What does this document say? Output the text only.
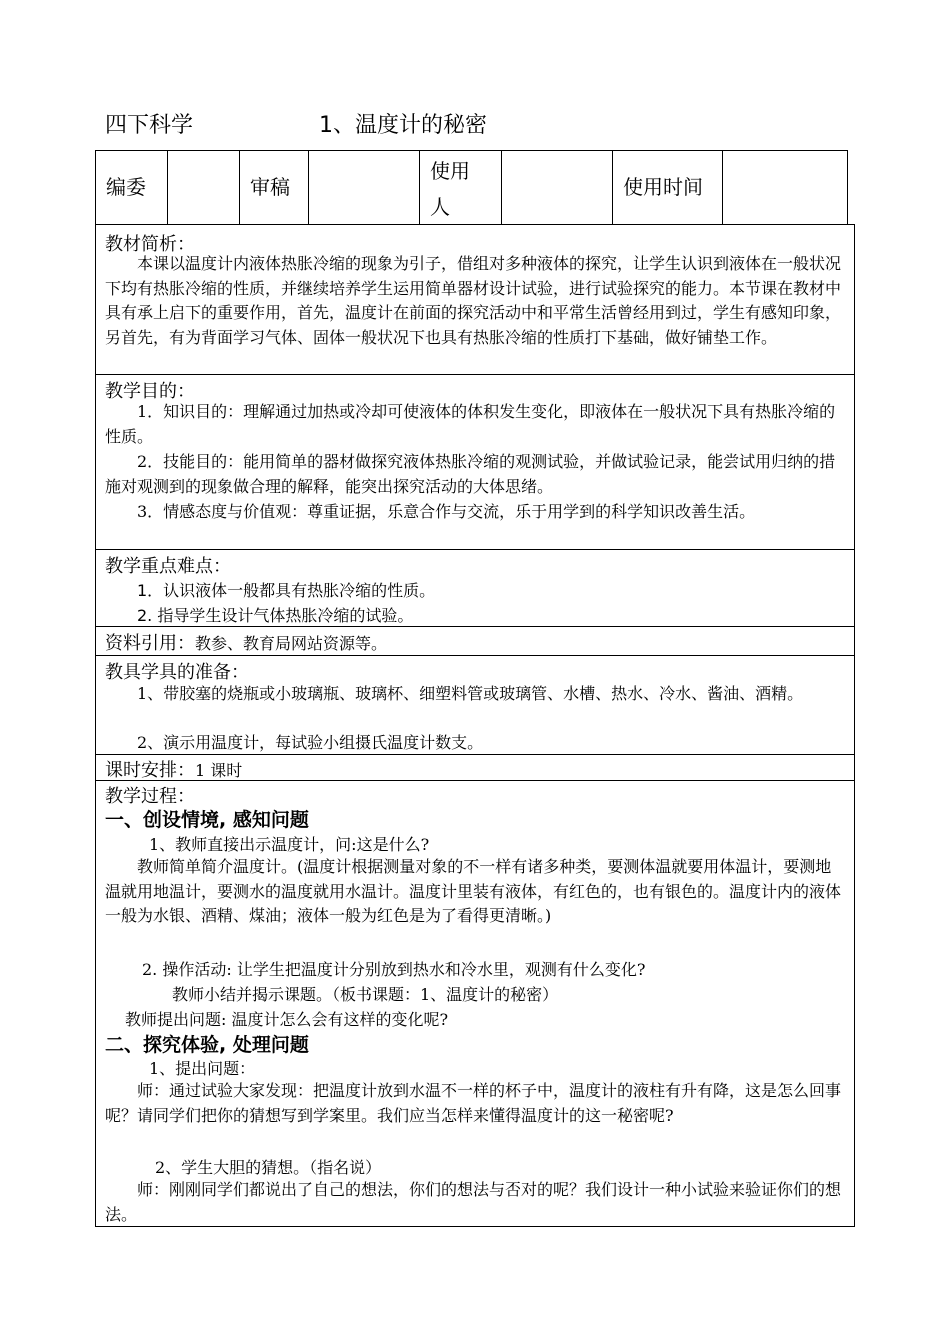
四下科学	1、温度计的秘密
编委	审稿
使用
人
使用时间
教材简析：
本课以温度计内液体热胀冷缩的现象为引子，借组对多种液体的探究，让学生认识到液体在一般状况下均有热胀冷缩的性质，并继续培养学生运用简单器材设计试验，进行试验探究的能力。本节课在教材中具有承上启下的重要作用，首先，温度计在前面的探究活动中和平常生活曾经用到过，学生有感知印象，另首先，有为背面学习气体、固体一般状况下也具有热胀冷缩的性质打下基础，做好铺垫工作。
教学目的：
1．知识目的：理解通过加热或冷却可使液体的体积发生变化，即液体在一般状况下具有热胀冷缩的性质。
2．技能目的：能用简单的器材做探究液体热胀冷缩的观测试验，并做试验记录，能尝试用归纳的措施对观测到的现象做合理的解释，能突出探究活动的大体思绪。
3．情感态度与价值观：尊重证据，乐意合作与交流，乐于用学到的科学知识改善生活。
教学重点难点：
1．认识液体一般都具有热胀冷缩的性质。
2. 指导学生设计气体热胀冷缩的试验。
资料引用：教参、教育局网站资源等。
教具学具的准备：
1、带胶塞的烧瓶或小玻璃瓶、玻璃杯、细塑料管或玻璃管、水槽、热水、冷水、酱油、酒精。
2、演示用温度计，每试验小组摄氏温度计数支。
课时安排：1 课时
教学过程：
一、创设情境, 感知问题
1、教师直接出示温度计，问:这是什么?
教师简单简介温度计。(温度计根据测量对象的不一样有诸多种类，要测体温就要用体温计，要测地温就用地温计，要测水的温度就用水温计。温度计里装有液体，有红色的，也有银色的。温度计内的液体一般为水银、酒精、煤油；液体一般为红色是为了看得更清晰。)
2. 操作活动: 让学生把温度计分别放到热水和冷水里，观测有什么变化?
教师小结并揭示课题。（板书课题：1、温度计的秘密）
教师提出问题: 温度计怎么会有这样的变化呢?
二、探究体验, 处理问题
1、提出问题：
师：通过试验大家发现：把温度计放到水温不一样的杯子中，温度计的液柱有升有降，这是怎么回事呢？请同学们把你的猜想写到学案里。我们应当怎样来懂得温度计的这一秘密呢?
2、学生大胆的猜想。（指名说）
师：刚刚同学们都说出了自己的想法，你们的想法与否对的呢？我们设计一种小试验来验证你们的想法。
